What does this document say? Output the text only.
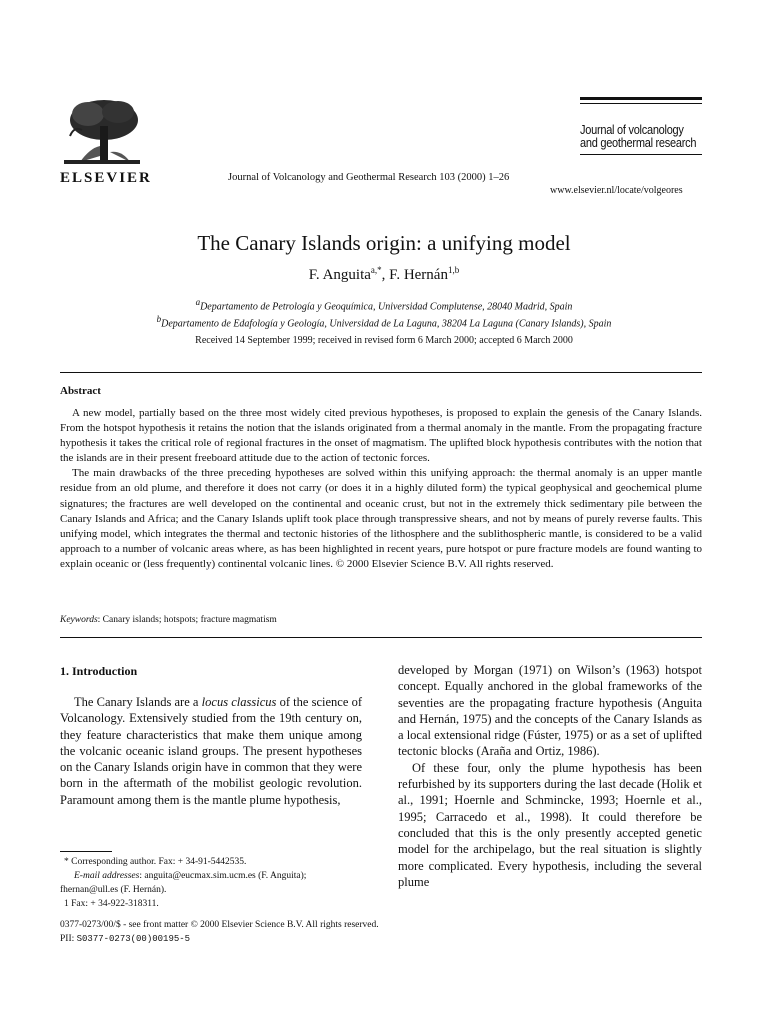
ELSEVIER	Journal of Volcanology and Geothermal Research 103 (2000) 1–26
Journal of volcanology
and geothermal research
www.elsevier.nl/locate/volgeores
The Canary Islands origin: a unifying model
F. Anguita$^{a,*}$, F. Hernán$^{1,b}$
$^a$Departamento de Petrología y Geoquímica, Universidad Complutense, 28040 Madrid, Spain
$^b$Departamento de Edafología y Geología, Universidad de La Laguna, 38204 La Laguna (Canary Islands), Spain
Received 14 September 1999; received in revised form 6 March 2000; accepted 6 March 2000
Abstract

A new model, partially based on the three most widely cited previous hypotheses, is proposed to explain the genesis of the Canary Islands. From the hotspot hypothesis it retains the notion that the islands originated from a thermal anomaly in the mantle. From the propagating fracture hypothesis it takes the critical role of regional fractures in the onset of magmatism. The uplifted block hypothesis contributes with the notion that the islands are in their present freeboard attitude due to the action of tectonic forces.

The main drawbacks of the three preceding hypotheses are solved within this unifying approach: the thermal anomaly is an upper mantle residue from an old plume, and therefore it does not carry (or does it in a highly diluted form) the typical geophysical and geochemical plume signatures; the fractures are well developed on the continental and oceanic crust, but not in the extremely thick sedimentary pile between the Canary Islands and Africa; and the Canary Islands uplift took place through transpressive shears, and not by means of purely reverse faults. This unifying model, which integrates the thermal and tectonic histories of the lithosphere and the sublithospheric mantle, is considered to be a valid approach to a number of volcanic areas where, as has been highlighted in recent years, pure hotspot or pure fracture models are found wanting to explain oceanic or (less frequently) continental volcanic lines. © 2000 Elsevier Science B.V. All rights reserved.

Keywords: Canary islands; hotspots; fracture magmatism
1. Introduction

The Canary Islands are a locus classicus of the science of Volcanology. Extensively studied from the 19th century on, they feature characteristics that make them unique among the volcanic oceanic island groups. The present hypotheses on the Canary Islands origin have in common that they were born in the aftermath of the mobilist geologic revolution. Paramount among them is the mantle plume hypothesis,

developed by Morgan (1971) on Wilson’s (1963) hotspot concept. Equally anchored in the global frameworks of the seventies are the propagating fracture hypothesis (Anguita and Hernán, 1975) and the concepts of the Canary Islands as a local extensional ridge (Fúster, 1975) or as a set of uplifted tectonic blocks (Araña and Ortiz, 1986).

Of these four, only the plume hypothesis has been refurbished by its supporters during the last decade (Holik et al., 1991; Hoernle and Schmincke, 1993; Hoernle et al., 1995; Carracedo et al., 1998). It could therefore be concluded that this is the only presently accepted genetic model for the archipelago, but the real situation is slightly more complicated. Every hypothesis, including the several plume

* Corresponding author. Fax: + 34-91-5442535.

E-mail addresses: anguita@eucmax.sim.ucm.es (F. Anguita);

fhernan@ull.es (F. Hernán).

1 Fax: + 34-922-318311.

0377-0273/00/$ - see front matter © 2000 Elsevier Science B.V. All rights reserved.
PII: S0377-0273(00)00195-5
